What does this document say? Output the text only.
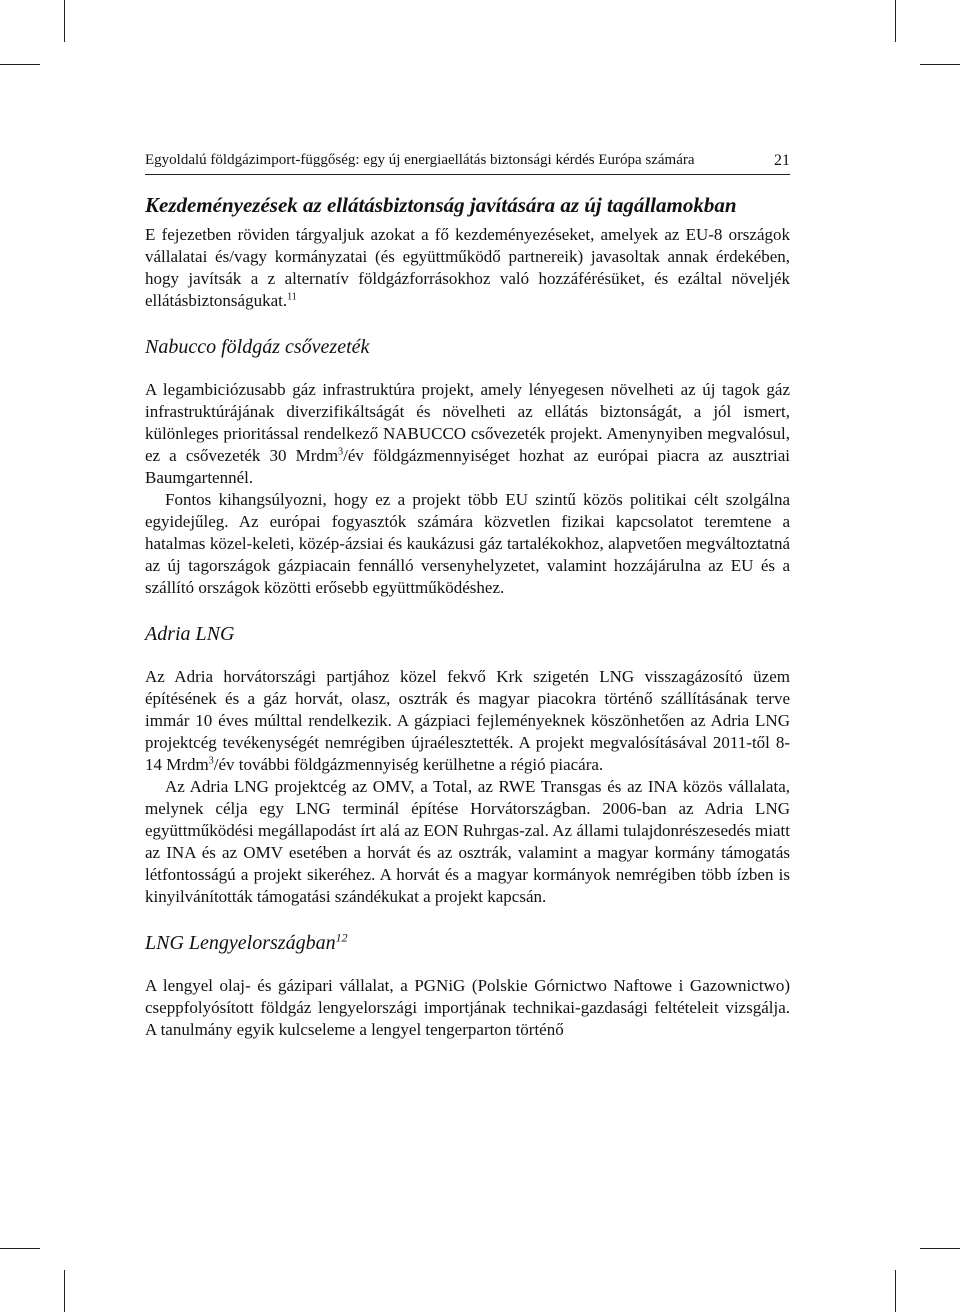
Egyoldalú földgázimport-függőség: egy új energiaellátás biztonsági kérdés Európa számára	21
Kezdeményezések az ellátásbiztonság javítására az új tagállamokban

E fejezetben röviden tárgyaljuk azokat a fő kezdeményezéseket, amelyek az EU-8 országok vállalatai és/vagy kormányzatai (és együttműködő partnereik) javasoltak annak érdekében, hogy javítsák a z alternatív földgázforrásokhoz való hozzáférésüket, és ezáltal növeljék ellátásbiztonságukat.$^{11}$

Nabucco földgáz csővezeték

A legambiciózusabb gáz infrastruktúra projekt, amely lényegesen növelheti az új tagok gáz infrastruktúrájának diverzifikáltságát és növelheti az ellátás biztonságát, a jól ismert, különleges prioritással rendelkező NABUCCO csővezeték projekt. Amenynyiben megvalósul, ez a csővezeték 30 Mrdm$^3$/év földgázmennyiséget hozhat az európai piacra az ausztriai Baumgartennél.

Fontos kihangsúlyozni, hogy ez a projekt több EU szintű közös politikai célt szolgálna egyidejűleg. Az európai fogyasztók számára közvetlen fizikai kapcsolatot teremtene a hatalmas közel-keleti, közép-ázsiai és kaukázusi gáz tartalékokhoz, alapvetően megváltoztatná az új tagországok gázpiacain fennálló versenyhelyzetet, valamint hozzájárulna az EU és a szállító országok közötti erősebb együttműködéshez.

Adria LNG

Az Adria horvátországi partjához közel fekvő Krk szigetén LNG visszagázosító üzem építésének és a gáz horvát, olasz, osztrák és magyar piacokra történő szállításának terve immár 10 éves múlttal rendelkezik. A gázpiaci fejleményeknek köszönhetően az Adria LNG projektcég tevékenységét nemrégiben újraélesztették. A projekt megvalósításával 2011-től 8-14 Mrdm$^3$/év további földgázmennyiség kerülhetne a régió piacára.

Az Adria LNG projektcég az OMV, a Total, az RWE Transgas és az INA közös vállalata, melynek célja egy LNG terminál építése Horvátországban. 2006-ban az Adria LNG együttműködési megállapodást írt alá az EON Ruhrgas-zal. Az állami tulajdonrészesedés miatt az INA és az OMV esetében a horvát és az osztrák, valamint a magyar kormány támogatás létfontosságú a projekt sikeréhez. A horvát és a magyar kormányok nemrégiben több ízben is kinyilvánították támogatási szándékukat a projekt kapcsán.

LNG Lengyelországban$^{12}$

A lengyel olaj- és gázipari vállalat, a PGNiG (Polskie Górnictwo Naftowe i Gazownictwo) cseppfolyósított földgáz lengyelországi importjának technikai-gazdasági feltételeit vizsgálja. A tanulmány egyik kulcseleme a lengyel tengerparton történő
